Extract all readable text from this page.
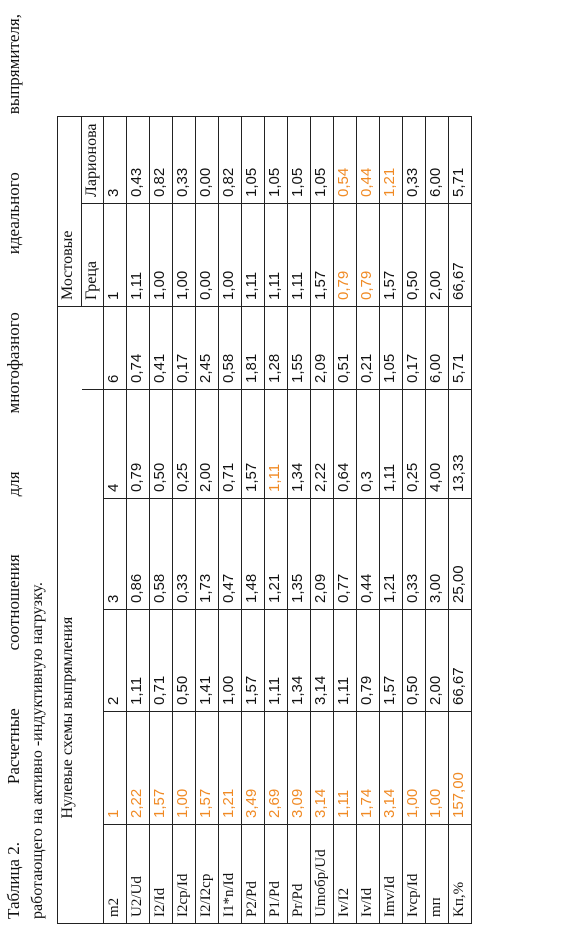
Таблица 2.
Расчетные
соотношения
для
многофазного
идеального
выпрямителя,
работающего на активно -индуктивную нагрузку.
	Нулевые схемы выпрямления					Мостовые	
						Греца	Ларионова
m2	1	2	3	4	6	1	3
U2/Ud	2,22	1,11	0,86	0,79	0,74	1,11	0,43
I2/Id	1,57	0,71	0,58	0,50	0,41	1,00	0,82
I2cp/Id	1,00	0,50	0,33	0,25	0,17	1,00	0,33
I2/I2cp	1,57	1,41	1,73	2,00	2,45	0,00	0,00
I1*n/Id	1,21	1,00	0,47	0,71	0,58	1,00	0,82
P2/Pd	3,49	1,57	1,48	1,57	1,81	1,11	1,05
P1/Pd	2,69	1,11	1,21	1,11	1,28	1,11	1,05
Pr/Pd	3,09	1,34	1,35	1,34	1,55	1,11	1,05
Umобр/Ud	3,14	3,14	2,09	2,22	2,09	1,57	1,05
Iv/I2	1,11	1,11	0,77	0,64	0,51	0,79	0,54
Iv/Id	1,74	0,79	0,44	0,3	0,21	0,79	0,44
Imv/Id	3,14	1,57	1,21	1,11	1,05	1,57	1,21
Ivcp/Id	1,00	0,50	0,33	0,25	0,17	0,50	0,33
mп	1,00	2,00	3,00	4,00	6,00	2,00	6,00
Kп,%	157,00	66,67	25,00	13,33	5,71	66,67	5,71
